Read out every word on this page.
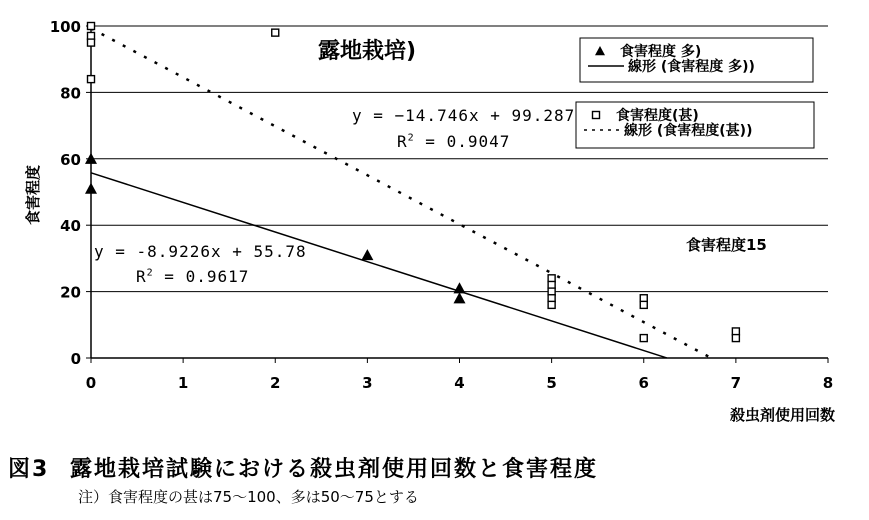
0
20
40
60
80
100
0	1	2	3	4	5	6	7	8
食害程度 多)
線形 (食害程度 多))
食害程度(甚)
線形 (食害程度(甚))
露地栽培)
食害程度
殺虫剤使用回数
y = −14.746x + 99.287
$R^2 = 0.9047$
y = -8.9226x + 55.78
$R^2 = 0.9617$
食害程度15
図3 露地栽培試験における殺虫剤使用回数と食害程度
注）食害程度の甚は75～100、多は50～75とする
